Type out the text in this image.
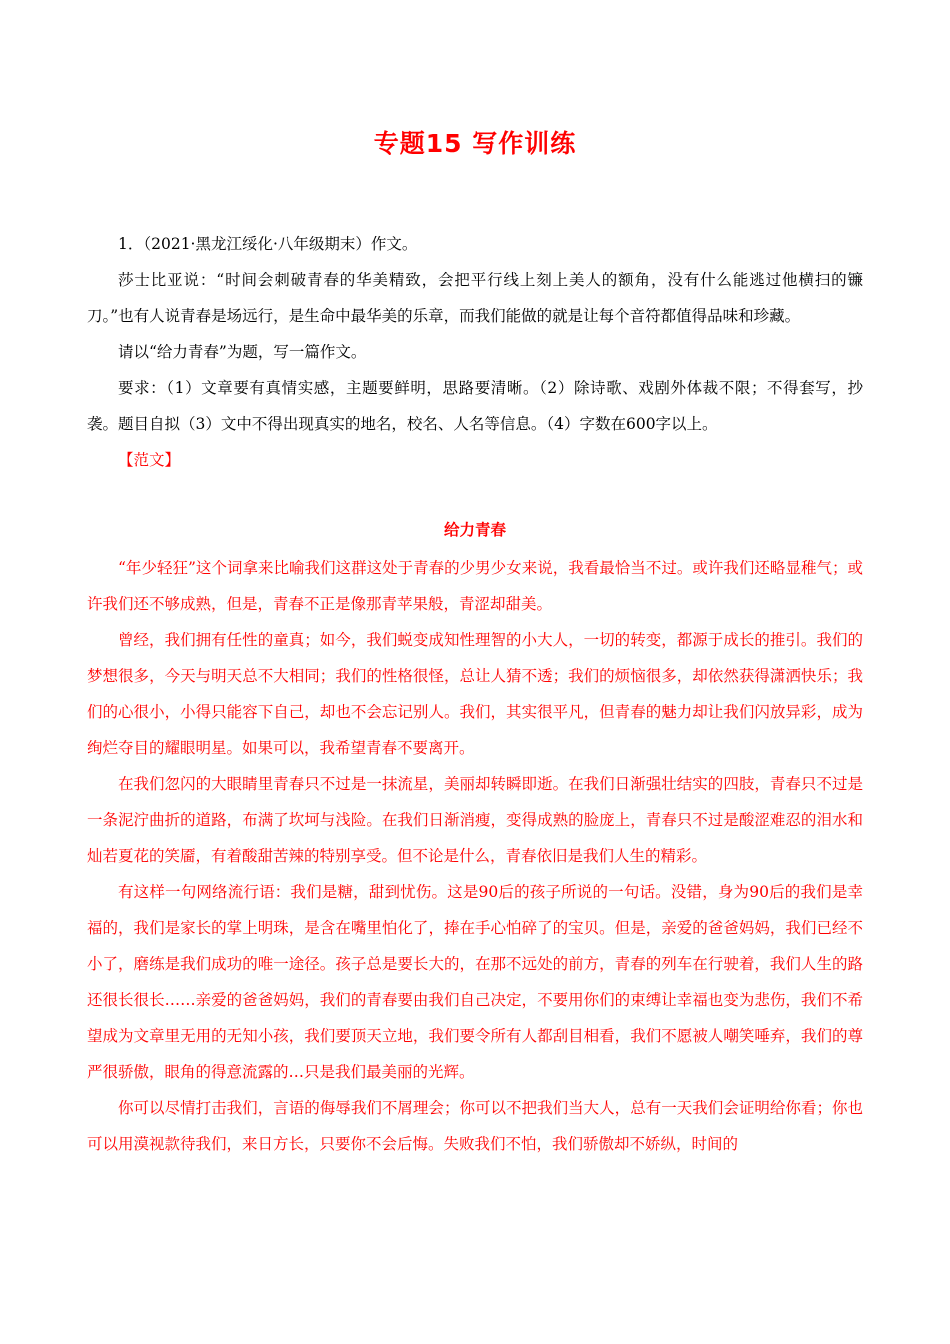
专题15 写作训练

1．（2021·黑龙江绥化·八年级期末）作文。

莎士比亚说：“时间会刺破青春的华美精致，会把平行线上刻上美人的额角，没有什么能逃过他横扫的镰刀。”也有人说青春是场远行，是生命中最华美的乐章，而我们能做的就是让每个音符都值得品味和珍藏。

请以“给力青春”为题，写一篇作文。

要求：（1）文章要有真情实感，主题要鲜明，思路要清晰。（2）除诗歌、戏剧外体裁不限；不得套写，抄袭。题目自拟（3）文中不得出现真实的地名，校名、人名等信息。（4）字数在600字以上。

【范文】

给力青春

“年少轻狂”这个词拿来比喻我们这群这处于青春的少男少女来说，我看最恰当不过。或许我们还略显稚气；或许我们还不够成熟，但是，青春不正是像那青苹果般，青涩却甜美。

曾经，我们拥有任性的童真；如今，我们蜕变成知性理智的小大人，一切的转变，都源于成长的推引。我们的梦想很多，今天与明天总不大相同；我们的性格很怪，总让人猜不透；我们的烦恼很多，却依然获得潇洒快乐；我们的心很小，小得只能容下自己，却也不会忘记别人。我们，其实很平凡，但青春的魅力却让我们闪放异彩，成为绚烂夺目的耀眼明星。如果可以，我希望青春不要离开。

在我们忽闪的大眼睛里青春只不过是一抹流星，美丽却转瞬即逝。在我们日渐强壮结实的四肢，青春只不过是一条泥泞曲折的道路，布满了坎坷与浅险。在我们日渐消瘦，变得成熟的脸庞上，青春只不过是酸涩难忍的泪水和灿若夏花的笑靥，有着酸甜苦辣的特别享受。但不论是什么，青春依旧是我们人生的精彩。

有这样一句网络流行语：我们是糖，甜到忧伤。这是90后的孩子所说的一句话。没错，身为90后的我们是幸福的，我们是家长的掌上明珠，是含在嘴里怕化了，捧在手心怕碎了的宝贝。但是，亲爱的爸爸妈妈，我们已经不小了，磨练是我们成功的唯一途径。孩子总是要长大的，在那不远处的前方，青春的列车在行驶着，我们人生的路还很长很长……亲爱的爸爸妈妈，我们的青春要由我们自己决定，不要用你们的束缚让幸福也变为悲伤，我们不希望成为文章里无用的无知小孩，我们要顶天立地，我们要令所有人都刮目相看，我们不愿被人嘲笑唾弃，我们的尊严很骄傲，眼角的得意流露的…只是我们最美丽的光辉。

你可以尽情打击我们，言语的侮辱我们不屑理会；你可以不把我们当大人，总有一天我们会证明给你看；你也可以用漠视款待我们，来日方长，只要你不会后悔。失败我们不怕，我们骄傲却不娇纵，时间的
